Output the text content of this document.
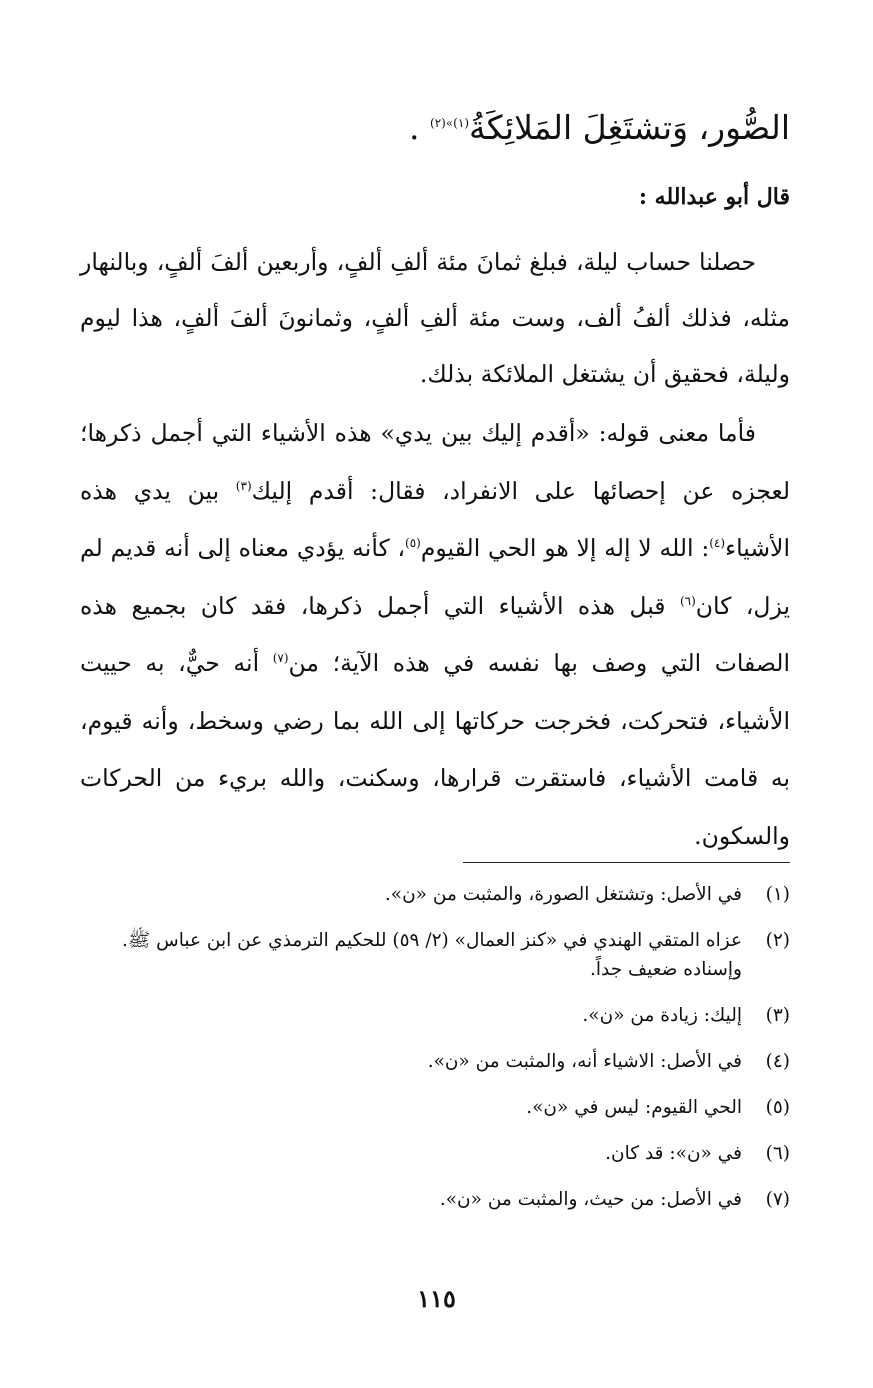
الصُّور، وَتشتَغِلَ المَلائِكَةُ$^{(١)»(٢)}$ .

قال أبو عبدالله :

حصلنا حساب ليلة، فبلغ ثمانَ مئة ألفِ ألفٍ، وأربعين ألفَ ألفٍ، وبالنهار مثله، فذلك ألفُ ألف، وست مئة ألفِ ألفٍ، وثمانونَ ألفَ ألفٍ، هذا ليوم وليلة، فحقيق أن يشتغل الملائكة بذلك.

فأما معنى قوله: «أقدم إليك بين يدي» هذه الأشياء التي أجمل ذكرها؛ لعجزه عن إحصائها على الانفراد، فقال: أقدم إليك$^{(٣)}$ بين يدي هذه الأشياء$^{(٤)}$: الله لا إله إلا هو الحي القيوم$^{(٥)}$، كأنه يؤدي معناه إلى أنه قديم لم يزل، كان$^{(٦)}$ قبل هذه الأشياء التي أجمل ذكرها، فقد كان بجميع هذه الصفات التي وصف بها نفسه في هذه الآية؛ من$^{(٧)}$ أنه حيٌّ، به حييت الأشياء، فتحركت، فخرجت حركاتها إلى الله بما رضي وسخط، وأنه قيوم، به قامت الأشياء، فاستقرت قرارها، وسكنت، والله بريء من الحركات والسكون.

(١)
في الأصل: وتشتغل الصورة، والمثبت من «ن».
(٢)
عزاه المتقي الهندي في «كنز العمال» (٢/ ٥٩) للحكيم الترمذي عن ابن عباس ﷺ. وإسناده ضعيف جداً.
(٣)
إليك: زيادة من «ن».
(٤)
في الأصل: الاشياء أنه، والمثبت من «ن».
(٥)
الحي القيوم: ليس في «ن».
(٦)
في «ن»: قد كان.
(٧)
في الأصل: من حيث، والمثبت من «ن».
١١٥
